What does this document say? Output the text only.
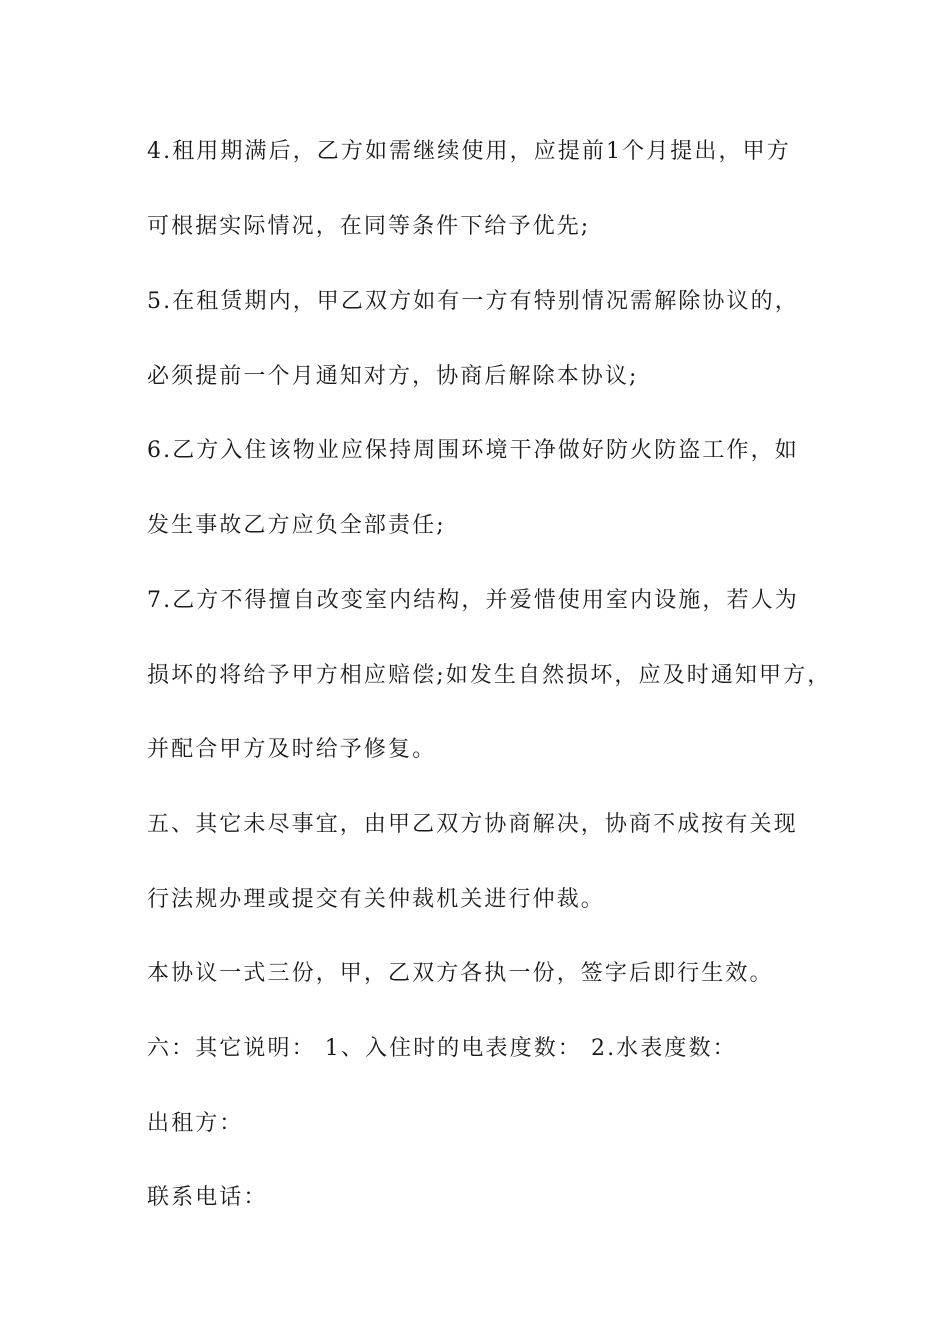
4.租用期满后，乙方如需继续使用，应提前1个月提出，甲方
可根据实际情况，在同等条件下给予优先;
5.在租赁期内，甲乙双方如有一方有特别情况需解除协议的，
必须提前一个月通知对方，协商后解除本协议;
6.乙方入住该物业应保持周围环境干净做好防火防盗工作，如
发生事故乙方应负全部责任;
7.乙方不得擅自改变室内结构，并爱惜使用室内设施，若人为
损坏的将给予甲方相应赔偿;如发生自然损坏，应及时通知甲方，
并配合甲方及时给予修复。
五、其它未尽事宜，由甲乙双方协商解决，协商不成按有关现
行法规办理或提交有关仲裁机关进行仲裁。
本协议一式三份，甲，乙双方各执一份，签字后即行生效。
六：其它说明： 1、入住时的电表度数： 2.水表度数：
出租方：
联系电话：
